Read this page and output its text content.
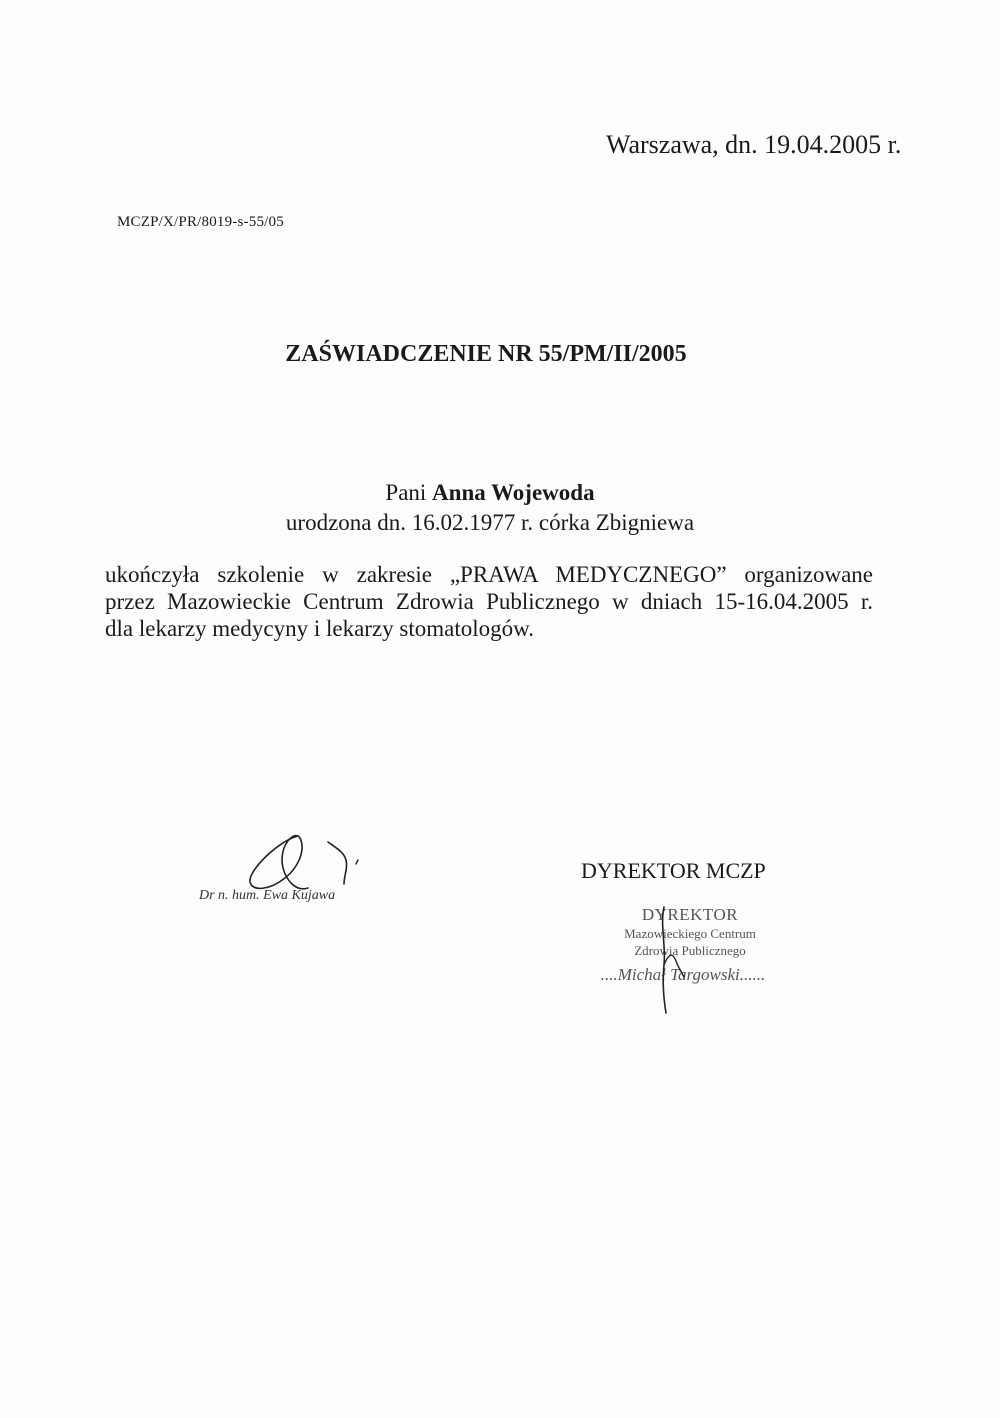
Warszawa, dn. 19.04.2005 r.
MCZP/X/PR/8019-s-55/05
ZAŚWIADCZENIE NR 55/PM/II/2005
Pani Anna Wojewoda
urodzona dn. 16.02.1977 r. córka Zbigniewa
ukończyła szkolenie w zakresie „PRAWA MEDYCZNEGO” organizowane
przez Mazowieckie Centrum Zdrowia Publicznego w dniach 15-16.04.2005 r.
dla lekarzy medycyny i lekarzy stomatologów.
Dr n. hum. Ewa Kujawa
DYREKTOR MCZP
DYREKTOR
Mazowieckiego Centrum
Zdrowia Publicznego
....Michał Targowski......
